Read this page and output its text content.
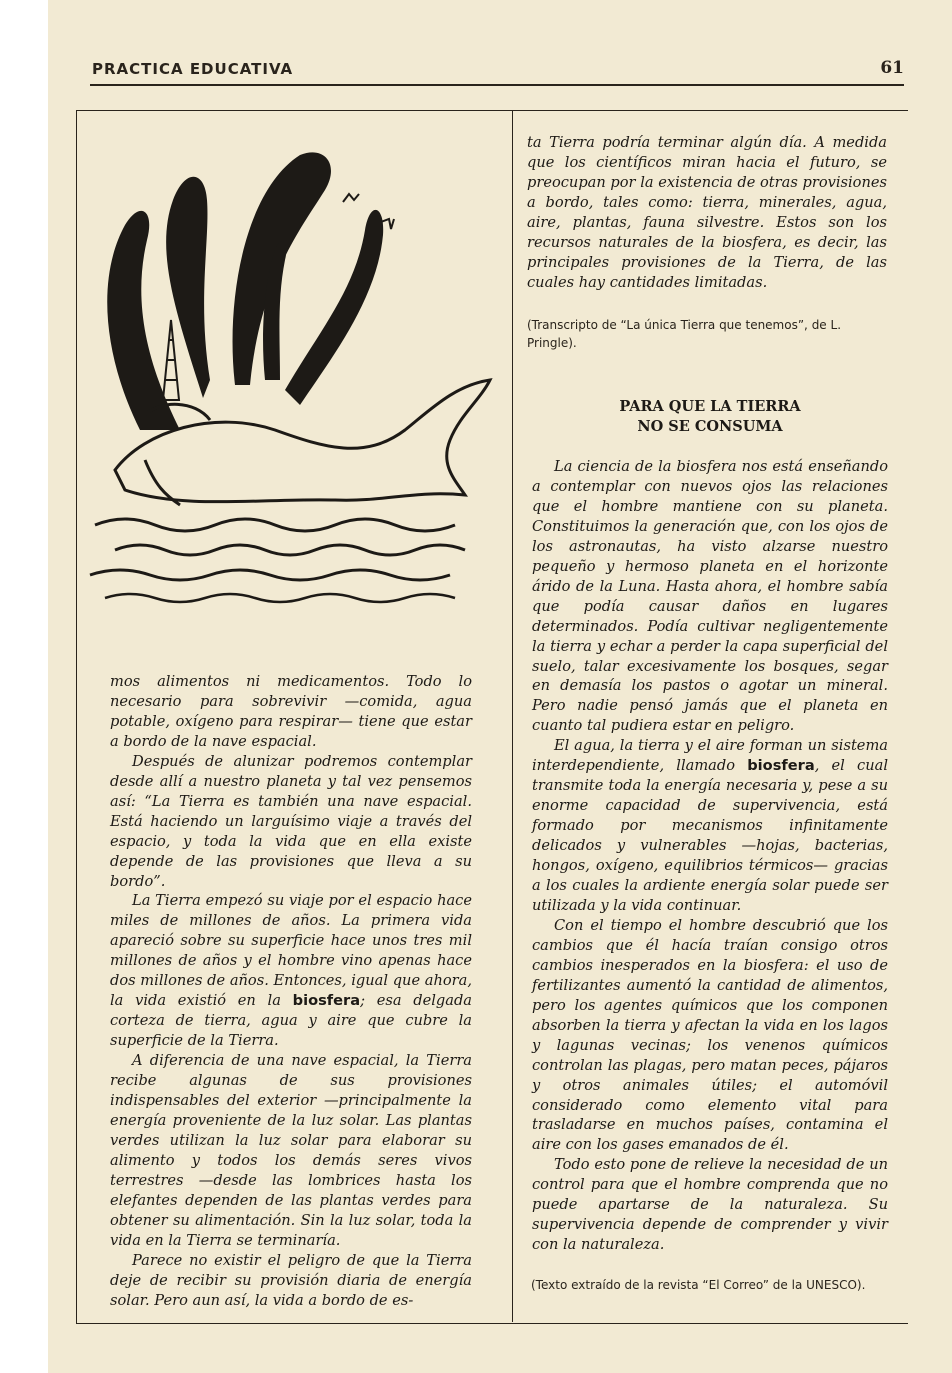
PRACTICA EDUCATIVA	61

mos alimentos ni medicamentos. Todo lo necesario para sobrevivir —comida, agua potable, oxígeno para respirar— tiene que estar a bordo de la nave espacial.

Después de alunizar podremos contemplar desde allí a nuestro planeta y tal vez pensemos así: “La Tierra es también una nave espacial. Está haciendo un larguísimo viaje a través del espacio, y toda la vida que en ella existe depende de las provisiones que lleva a su bordo”.

La Tierra empezó su viaje por el espacio hace miles de millones de años. La primera vida apareció sobre su superficie hace unos tres mil millones de años y el hombre vino apenas hace dos millones de años. Entonces, igual que ahora, la vida existió en la biosfera; esa delgada corteza de tierra, agua y aire que cubre la superficie de la Tierra.

A diferencia de una nave espacial, la Tierra recibe algunas de sus provisiones indispensables del exterior —principalmente la energía proveniente de la luz solar. Las plantas verdes utilizan la luz solar para elaborar su alimento y todos los demás seres vivos terrestres —desde las lombrices hasta los elefantes dependen de las plantas verdes para obtener su alimentación. Sin la luz solar, toda la vida en la Tierra se terminaría.

Parece no existir el peligro de que la Tierra deje de recibir su provisión diaria de energía solar. Pero aun así, la vida a bordo de es-

ta Tierra podría terminar algún día. A medida que los científicos miran hacia el futuro, se preocupan por la existencia de otras provisiones a bordo, tales como: tierra, minerales, agua, aire, plantas, fauna silvestre. Estos son los recursos naturales de la biosfera, es decir, las principales provisiones de la Tierra, de las cuales hay cantidades limitadas.

(Transcripto de “La única Tierra que tenemos”, de L. Pringle).

PARA QUE LA TIERRA
NO SE CONSUMA

La ciencia de la biosfera nos está enseñando a contemplar con nuevos ojos las relaciones que el hombre mantiene con su planeta. Constituimos la generación que, con los ojos de los astronautas, ha visto alzarse nuestro pequeño y hermoso planeta en el horizonte árido de la Luna. Hasta ahora, el hombre sabía que podía causar daños en lugares determinados. Podía cultivar negligentemente la tierra y echar a perder la capa superficial del suelo, talar excesivamente los bosques, segar en demasía los pastos o agotar un mineral. Pero nadie pensó jamás que el planeta en cuanto tal pudiera estar en peligro.

El agua, la tierra y el aire forman un sistema interdependiente, llamado biosfera, el cual transmite toda la energía necesaria y, pese a su enorme capacidad de supervivencia, está formado por mecanismos infinitamente delicados y vulnerables —hojas, bacterias, hongos, oxígeno, equilibrios térmicos— gracias a los cuales la ardiente energía solar puede ser utilizada y la vida continuar.

Con el tiempo el hombre descubrió que los cambios que él hacía traían consigo otros cambios inesperados en la biosfera: el uso de fertilizantes aumentó la cantidad de alimentos, pero los agentes químicos que los componen absorben la tierra y afectan la vida en los lagos y lagunas vecinas; los venenos químicos controlan las plagas, pero matan peces, pájaros y otros animales útiles; el automóvil considerado como elemento vital para trasladarse en muchos países, contamina el aire con los gases emanados de él.

Todo esto pone de relieve la necesidad de un control para que el hombre comprenda que no puede apartarse de la naturaleza. Su supervivencia depende de comprender y vivir con la naturaleza.

(Texto extraído de la revista “El Correo” de la UNESCO).
